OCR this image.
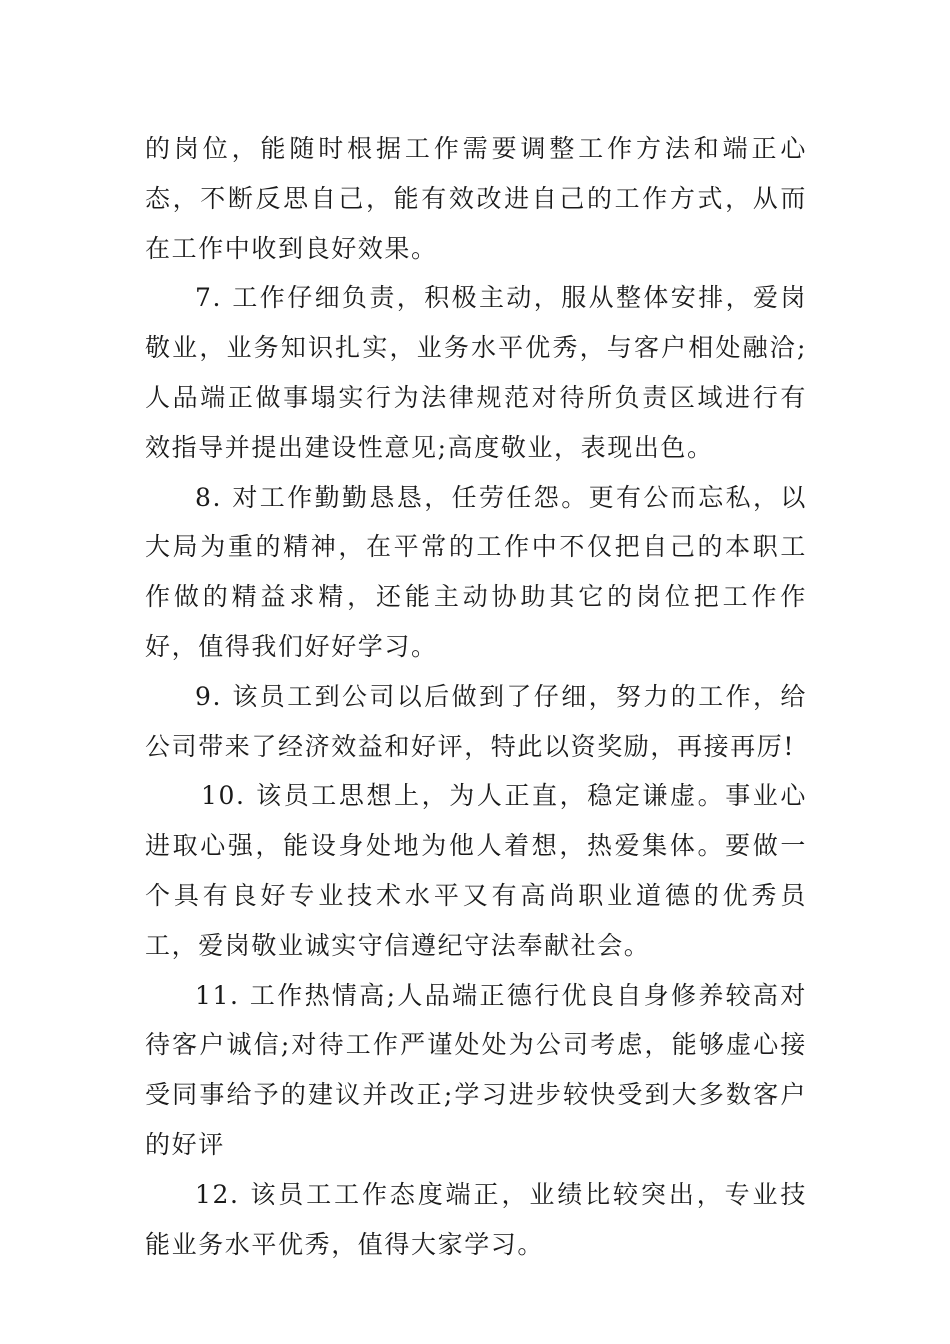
的岗位，能随时根据工作需要调整工作方法和端正心态，不断反思自己，能有效改进自己的工作方式，从而在工作中收到良好效果。

7. 工作仔细负责，积极主动，服从整体安排，爱岗敬业，业务知识扎实，业务水平优秀，与客户相处融洽;人品端正做事塌实行为法律规范对待所负责区域进行有效指导并提出建设性意见;高度敬业，表现出色。

8. 对工作勤勤恳恳，任劳任怨。更有公而忘私，以大局为重的精神，在平常的工作中不仅把自己的本职工作做的精益求精，还能主动协助其它的岗位把工作作好，值得我们好好学习。

9. 该员工到公司以后做到了仔细，努力的工作，给公司带来了经济效益和好评，特此以资奖励，再接再厉!

10. 该员工思想上，为人正直，稳定谦虚。事业心进取心强，能设身处地为他人着想，热爱集体。要做一个具有良好专业技术水平又有高尚职业道德的优秀员工，爱岗敬业诚实守信遵纪守法奉献社会。

11. 工作热情高;人品端正德行优良自身修养较高对待客户诚信;对待工作严谨处处为公司考虑，能够虚心接受同事给予的建议并改正;学习进步较快受到大多数客户的好评

12. 该员工工作态度端正，业绩比较突出，专业技能业务水平优秀，值得大家学习。
